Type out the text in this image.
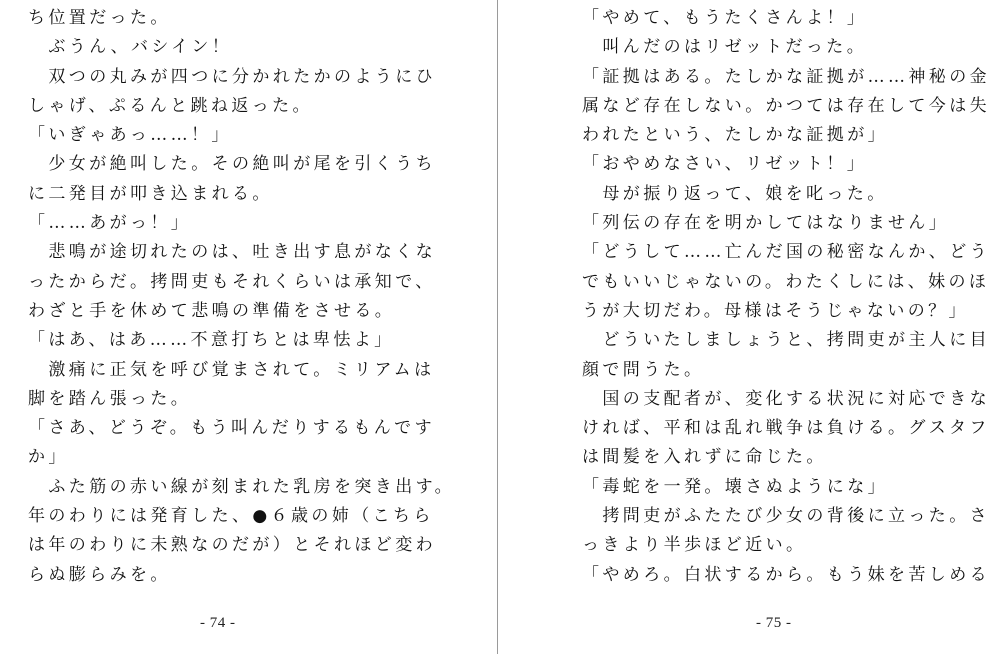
ち位置だった。
　ぶうん、バシイン！
　双つの丸みが四つに分かれたかのようにひ
しゃげ、ぷるんと跳ね返った。
「いぎゃあっ……！」
　少女が絶叫した。その絶叫が尾を引くうち
に二発目が叩き込まれる。
「……あがっ！」
　悲鳴が途切れたのは、吐き出す息がなくな
ったからだ。拷問吏もそれくらいは承知で、
わざと手を休めて悲鳴の準備をさせる。
「はあ、はあ……不意打ちとは卑怯よ」
　激痛に正気を呼び覚まされて。ミリアムは
脚を踏ん張った。
「さあ、どうぞ。もう叫んだりするもんです
か」
　ふた筋の赤い線が刻まれた乳房を突き出す。
年のわりには発育した、●６歳の姉（こちら
は年のわりに未熟なのだが）とそれほど変わ
らぬ膨らみを。
- 74 -
「やめて、もうたくさんよ！」
　叫んだのはリゼットだった。
「証拠はある。たしかな証拠が……神秘の金
属など存在しない。かつては存在して今は失
われたという、たしかな証拠が」
「おやめなさい、リゼット！」
　母が振り返って、娘を叱った。
「列伝の存在を明かしてはなりません」
「どうして……亡んだ国の秘密なんか、どう
でもいいじゃないの。わたくしには、妹のほ
うが大切だわ。母様はそうじゃないの？」
　どういたしましょうと、拷問吏が主人に目
顔で問うた。
　国の支配者が、変化する状況に対応できな
ければ、平和は乱れ戦争は負ける。グスタフ
は間髪を入れずに命じた。
「毒蛇を一発。壊さぬようにな」
　拷問吏がふたたび少女の背後に立った。さ
っきより半歩ほど近い。
「やめろ。白状するから。もう妹を苦しめる
- 75 -
